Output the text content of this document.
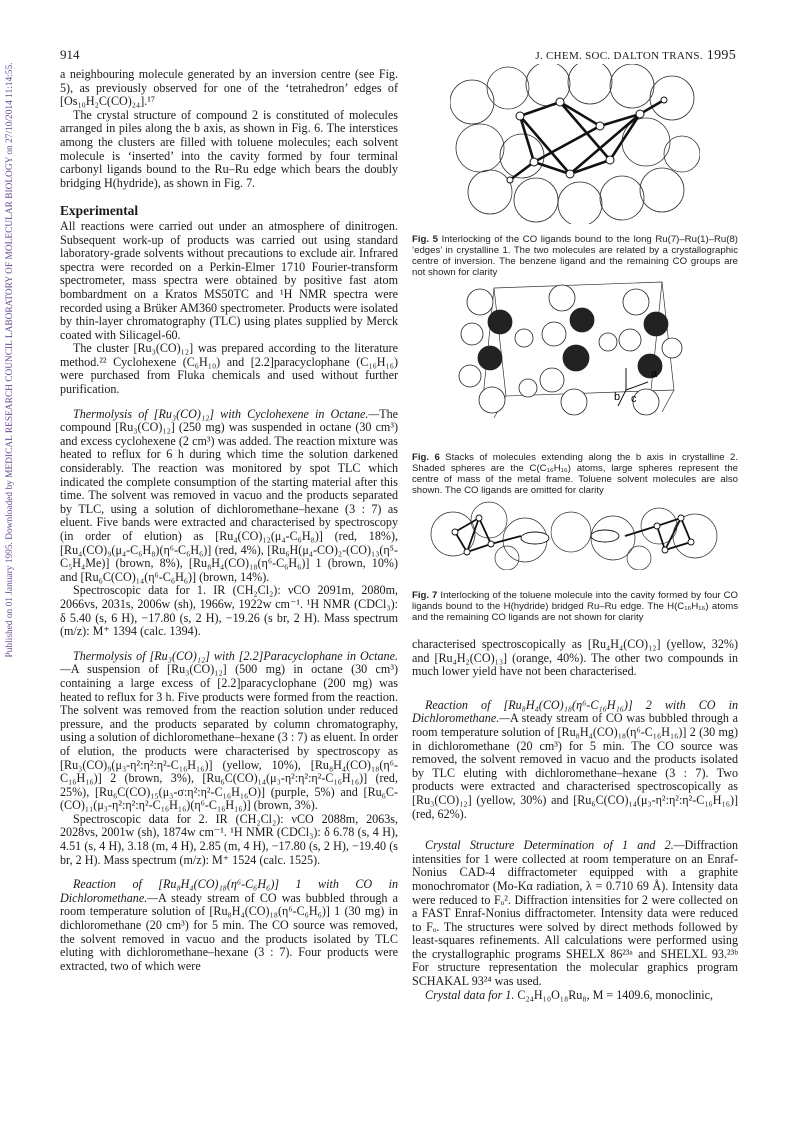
Published on 01 January 1995. Downloaded by MEDICAL RESEARCH COUNCIL LABORATORY OF MOLECULAR BIOLOGY on 27/10/2014 11:14:55.
914	J. CHEM. SOC. DALTON TRANS. 1995

a neighbouring molecule generated by an inversion centre (see Fig. 5), as previously observed for one of the ‘tetrahedron’ edges of [Os₁₀H₂C(CO)₂₄].¹⁷

The crystal structure of compound 2 is constituted of molecules arranged in piles along the b axis, as shown in Fig. 6. The interstices among the clusters are filled with toluene molecules; each solvent molecule is ‘inserted’ into the cavity formed by four terminal carbonyl ligands bound to the Ru–Ru edge which bears the doubly bridging H(hydride), as shown in Fig. 7.

Experimental

All reactions were carried out under an atmosphere of dinitrogen. Subsequent work-up of products was carried out using standard laboratory-grade solvents without precautions to exclude air. Infrared spectra were recorded on a Perkin-Elmer 1710 Fourier-transform spectrometer, mass spectra were obtained by positive fast atom bombardment on a Kratos MS50TC and ¹H NMR spectra were recorded using a Brüker AM360 spectrometer. Products were isolated by thin-layer chromatography (TLC) using plates supplied by Merck coated with Silicagel-60.

The cluster [Ru₃(CO)₁₂] was prepared according to the literature method.²² Cyclohexene (C₆H₁₀) and [2.2]paracyclophane (C₁₆H₁₆) were purchased from Fluka chemicals and used without further purification.

Thermolysis of [Ru₃(CO)₁₂] with Cyclohexene in Octane.—The compound [Ru₃(CO)₁₂] (250 mg) was suspended in octane (30 cm³) and excess cyclohexene (2 cm³) was added. The reaction mixture was heated to reflux for 6 h during which time the solution darkened considerably. The reaction was monitored by spot TLC which indicated the complete consumption of the starting material after this time. The solvent was removed in vacuo and the products separated by TLC, using a solution of dichloromethane–hexane (3 : 7) as eluent. Five bands were extracted and characterised by spectroscopy (in order of elution) as [Ru₄(CO)₁₂(μ₄-C₆H₈)] (red, 18%), [Ru₄(CO)₉(μ₄-C₆H₈)(η⁶-C₆H₆)] (red, 4%), [Ru₆H(μ₄-CO)₂-(CO)₁₃(η⁵-C₅H₄Me)] (brown, 8%), [Ru₈H₄(CO)₁₈(η⁶-C₆H₆)] 1 (brown, 10%) and [Ru₆C(CO)₁₄(η⁶-C₆H₆)] (brown, 14%).

Spectroscopic data for 1. IR (CH₂Cl₂): νCO 2091m, 2080m, 2066vs, 2031s, 2006w (sh), 1966w, 1922w cm⁻¹. ¹H NMR (CDCl₃): δ 5.40 (s, 6 H), −17.80 (s, 2 H), −19.26 (s br, 2 H). Mass spectrum (m/z): M⁺ 1394 (calc. 1394).

Thermolysis of [Ru₃(CO)₁₂] with [2.2]Paracyclophane in Octane.—A suspension of [Ru₃(CO)₁₂] (500 mg) in octane (30 cm³) containing a large excess of [2.2]paracyclophane (200 mg) was heated to reflux for 3 h. Five products were formed from the reaction. The solvent was removed from the reaction solution under reduced pressure, and the products separated by column chromatography, using a solution of dichloromethane–hexane (3 : 7) as eluent. In order of elution, the products were characterised by spectroscopy as [Ru₃(CO)₉(μ₃-η²:η²:η²-C₁₆H₁₆)] (yellow, 10%), [Ru₈H₄(CO)₁₈(η⁶-C₁₆H₁₆)] 2 (brown, 3%), [Ru₆C(CO)₁₄(μ₃-η²:η²:η²-C₁₆H₁₆)] (red, 25%), [Ru₆C(CO)₁₅(μ₃-σ:η²:η²-C₁₆H₁₆O)] (purple, 5%) and [Ru₆C-(CO)₁₁(μ₃-η²:η²:η²-C₁₆H₁₆)(η⁶-C₁₆H₁₆)] (brown, 3%).

Spectroscopic data for 2. IR (CH₂Cl₂): νCO 2088m, 2063s, 2028vs, 2001w (sh), 1874w cm⁻¹. ¹H NMR (CDCl₃): δ 6.78 (s, 4 H), 4.51 (s, 4 H), 3.18 (m, 4 H), 2.85 (m, 4 H), −17.80 (s, 2 H), −19.40 (s br, 2 H). Mass spectrum (m/z): M⁺ 1524 (calc. 1525).

Reaction of [Ru₈H₄(CO)₁₈(η⁶-C₆H₆)] 1 with CO in Dichloromethane.—A steady stream of CO was bubbled through a room temperature solution of [Ru₈H₄(CO)₁₈(η⁶-C₆H₆)] 1 (30 mg) in dichloromethane (20 cm³) for 5 min. The CO source was removed, the solvent removed in vacuo and the products isolated by TLC eluting with dichloromethane–hexane (3 : 7). Four products were extracted, two of which were

Fig. 5 Interlocking of the CO ligands bound to the long Ru(7)–Ru(1)–Ru(8) ‘edges’ in crystalline 1. The two molecules are related by a crystallographic centre of inversion. The benzene ligand and the remaining CO groups are not shown for clarity
a
b c
Fig. 6 Stacks of molecules extending along the b axis in crystalline 2. Shaded spheres are the C(C₁₆H₁₆) atoms, large spheres represent the centre of mass of the metal frame. Toluene solvent molecules are also shown. The CO ligands are omitted for clarity
Fig. 7 Interlocking of the toluene molecule into the cavity formed by four CO ligands bound to the H(hydride) bridged Ru–Ru edge. The H(C₁₆H₁₆) atoms and the remaining CO ligands are not shown for clarity

characterised spectroscopically as [Ru₄H₄(CO)₁₂] (yellow, 32%) and [Ru₄H₂(CO)₁₃] (orange, 40%). The other two compounds in much lower yield have not been characterised.

Reaction of [Ru₈H₄(CO)₁₈(η⁶-C₁₆H₁₆)] 2 with CO in Dichloromethane.—A steady stream of CO was bubbled through a room temperature solution of [Ru₈H₄(CO)₁₈(η⁶-C₁₆H₁₆)] 2 (30 mg) in dichloromethane (20 cm³) for 5 min. The CO source was removed, the solvent removed in vacuo and the products isolated by TLC eluting with dichloromethane–hexane (3 : 7). Two products were extracted and characterised spectroscopically as [Ru₃(CO)₁₂] (yellow, 30%) and [Ru₆C(CO)₁₄(μ₃-η²:η²:η²-C₁₆H₁₆)] (red, 62%).

Crystal Structure Determination of 1 and 2.—Diffraction intensities for 1 were collected at room temperature on an Enraf-Nonius CAD-4 diffractometer equipped with a graphite monochromator (Mo-Kα radiation, λ = 0.710 69 Å). Intensity data were reduced to Fₒ². Diffraction intensities for 2 were collected on a FAST Enraf-Nonius diffractometer. Intensity data were reduced to Fₒ. The structures were solved by direct methods followed by least-squares refinements. All calculations were performed using the crystallographic programs SHELX 86²³ᵃ and SHELXL 93.²³ᵇ For structure representation the molecular graphics program SCHAKAL 93²⁴ was used.

Crystal data for 1. C₂₄H₁₀O₁₈Ru₈, M = 1409.6, monoclinic,
